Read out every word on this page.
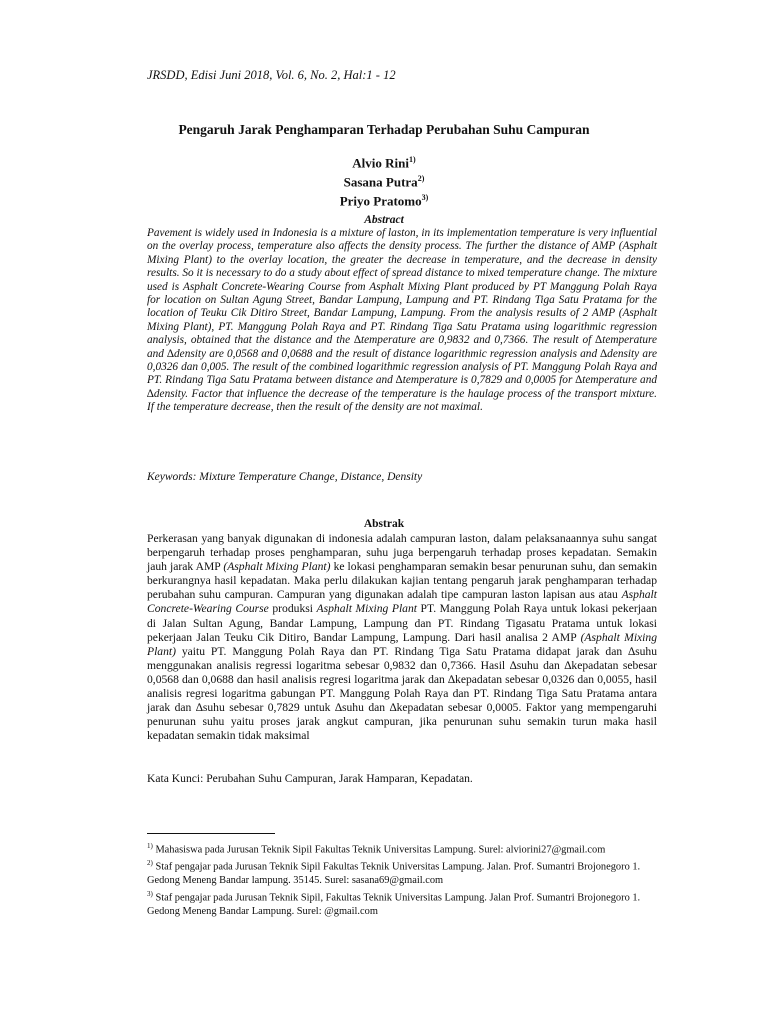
JRSDD, Edisi Juni 2018, Vol. 6, No. 2, Hal:1 - 12
Pengaruh Jarak Penghamparan Terhadap Perubahan Suhu Campuran
Alvio Rini$^{1)}$
Sasana Putra$^{2)}$
Priyo Pratomo$^{3)}$
Abstract
Pavement is widely used in Indonesia is a mixture of laston, in its implementation temperature is very influential on the overlay process, temperature also affects the density process. The further the distance of AMP (Asphalt Mixing Plant) to the overlay location, the greater the decrease in temperature, and the decrease in density results. So it is necessary to do a study about effect of spread distance to mixed temperature change. The mixture used is Asphalt Concrete-Wearing Course from Asphalt Mixing Plant produced by PT Manggung Polah Raya for location on Sultan Agung Street, Bandar Lampung, Lampung and PT. Rindang Tiga Satu Pratama for the location of Teuku Cik Ditiro Street, Bandar Lampung, Lampung. From the analysis results of 2 AMP (Asphalt Mixing Plant), PT. Manggung Polah Raya and PT. Rindang Tiga Satu Pratama using logarithmic regression analysis, obtained that the distance and the ∆temperature are 0,9832 and 0,7366. The result of ∆temperature and ∆density are 0,0568 and 0,0688 and the result of distance logarithmic regression analysis and ∆density are 0,0326 dan 0,005. The result of the combined logarithmic regression analysis of PT. Manggung Polah Raya and PT. Rindang Tiga Satu Pratama between distance and ∆temperature is 0,7829 and 0,0005 for ∆temperature and ∆density. Factor that influence the decrease of the temperature is the haulage process of the transport mixture. If the temperature decrease, then the result of the density are not maximal.
Keywords: Mixture Temperature Change, Distance, Density
Abstrak
Perkerasan yang banyak digunakan di indonesia adalah campuran laston, dalam pelaksanaannya suhu sangat berpengaruh terhadap proses penghamparan, suhu juga berpengaruh terhadap proses kepadatan. Semakin jauh jarak AMP (Asphalt Mixing Plant) ke lokasi penghamparan semakin besar penurunan suhu, dan semakin berkurangnya hasil kepadatan. Maka perlu dilakukan kajian tentang pengaruh jarak penghamparan terhadap perubahan suhu campuran. Campuran yang digunakan adalah tipe campuran laston lapisan aus atau Asphalt Concrete-Wearing Course produksi Asphalt Mixing Plant PT. Manggung Polah Raya untuk lokasi pekerjaan di Jalan Sultan Agung, Bandar Lampung, Lampung dan PT. Rindang Tigasatu Pratama untuk lokasi pekerjaan Jalan Teuku Cik Ditiro, Bandar Lampung, Lampung. Dari hasil analisa 2 AMP (Asphalt Mixing Plant) yaitu PT. Manggung Polah Raya dan PT. Rindang Tiga Satu Pratama didapat jarak dan ∆suhu menggunakan analisis regressi logaritma sebesar 0,9832 dan 0,7366. Hasil ∆suhu dan ∆kepadatan sebesar 0,0568 dan 0,0688 dan hasil analisis regresi logaritma jarak dan ∆kepadatan sebesar 0,0326 dan 0,0055, hasil analisis regresi logaritma gabungan PT. Manggung Polah Raya dan PT. Rindang Tiga Satu Pratama antara jarak dan ∆suhu sebesar 0,7829 untuk ∆suhu dan ∆kepadatan sebesar 0,0005. Faktor yang mempengaruhi penurunan suhu yaitu proses jarak angkut campuran, jika penurunan suhu semakin turun maka hasil kepadatan semakin tidak maksimal
Kata Kunci: Perubahan Suhu Campuran, Jarak Hamparan, Kepadatan.

$^{1)}$ Mahasiswa pada Jurusan Teknik Sipil Fakultas Teknik Universitas Lampung. Surel: alviorini27@gmail.com

$^{2)}$ Staf pengajar pada Jurusan Teknik Sipil Fakultas Teknik Universitas Lampung. Jalan. Prof. Sumantri Brojonegoro 1. Gedong Meneng Bandar lampung. 35145. Surel: sasana69@gmail.com

$^{3)}$ Staf pengajar pada Jurusan Teknik Sipil, Fakultas Teknik Universitas Lampung. Jalan Prof. Sumantri Brojonegoro 1. Gedong Meneng Bandar Lampung. Surel: @gmail.com
